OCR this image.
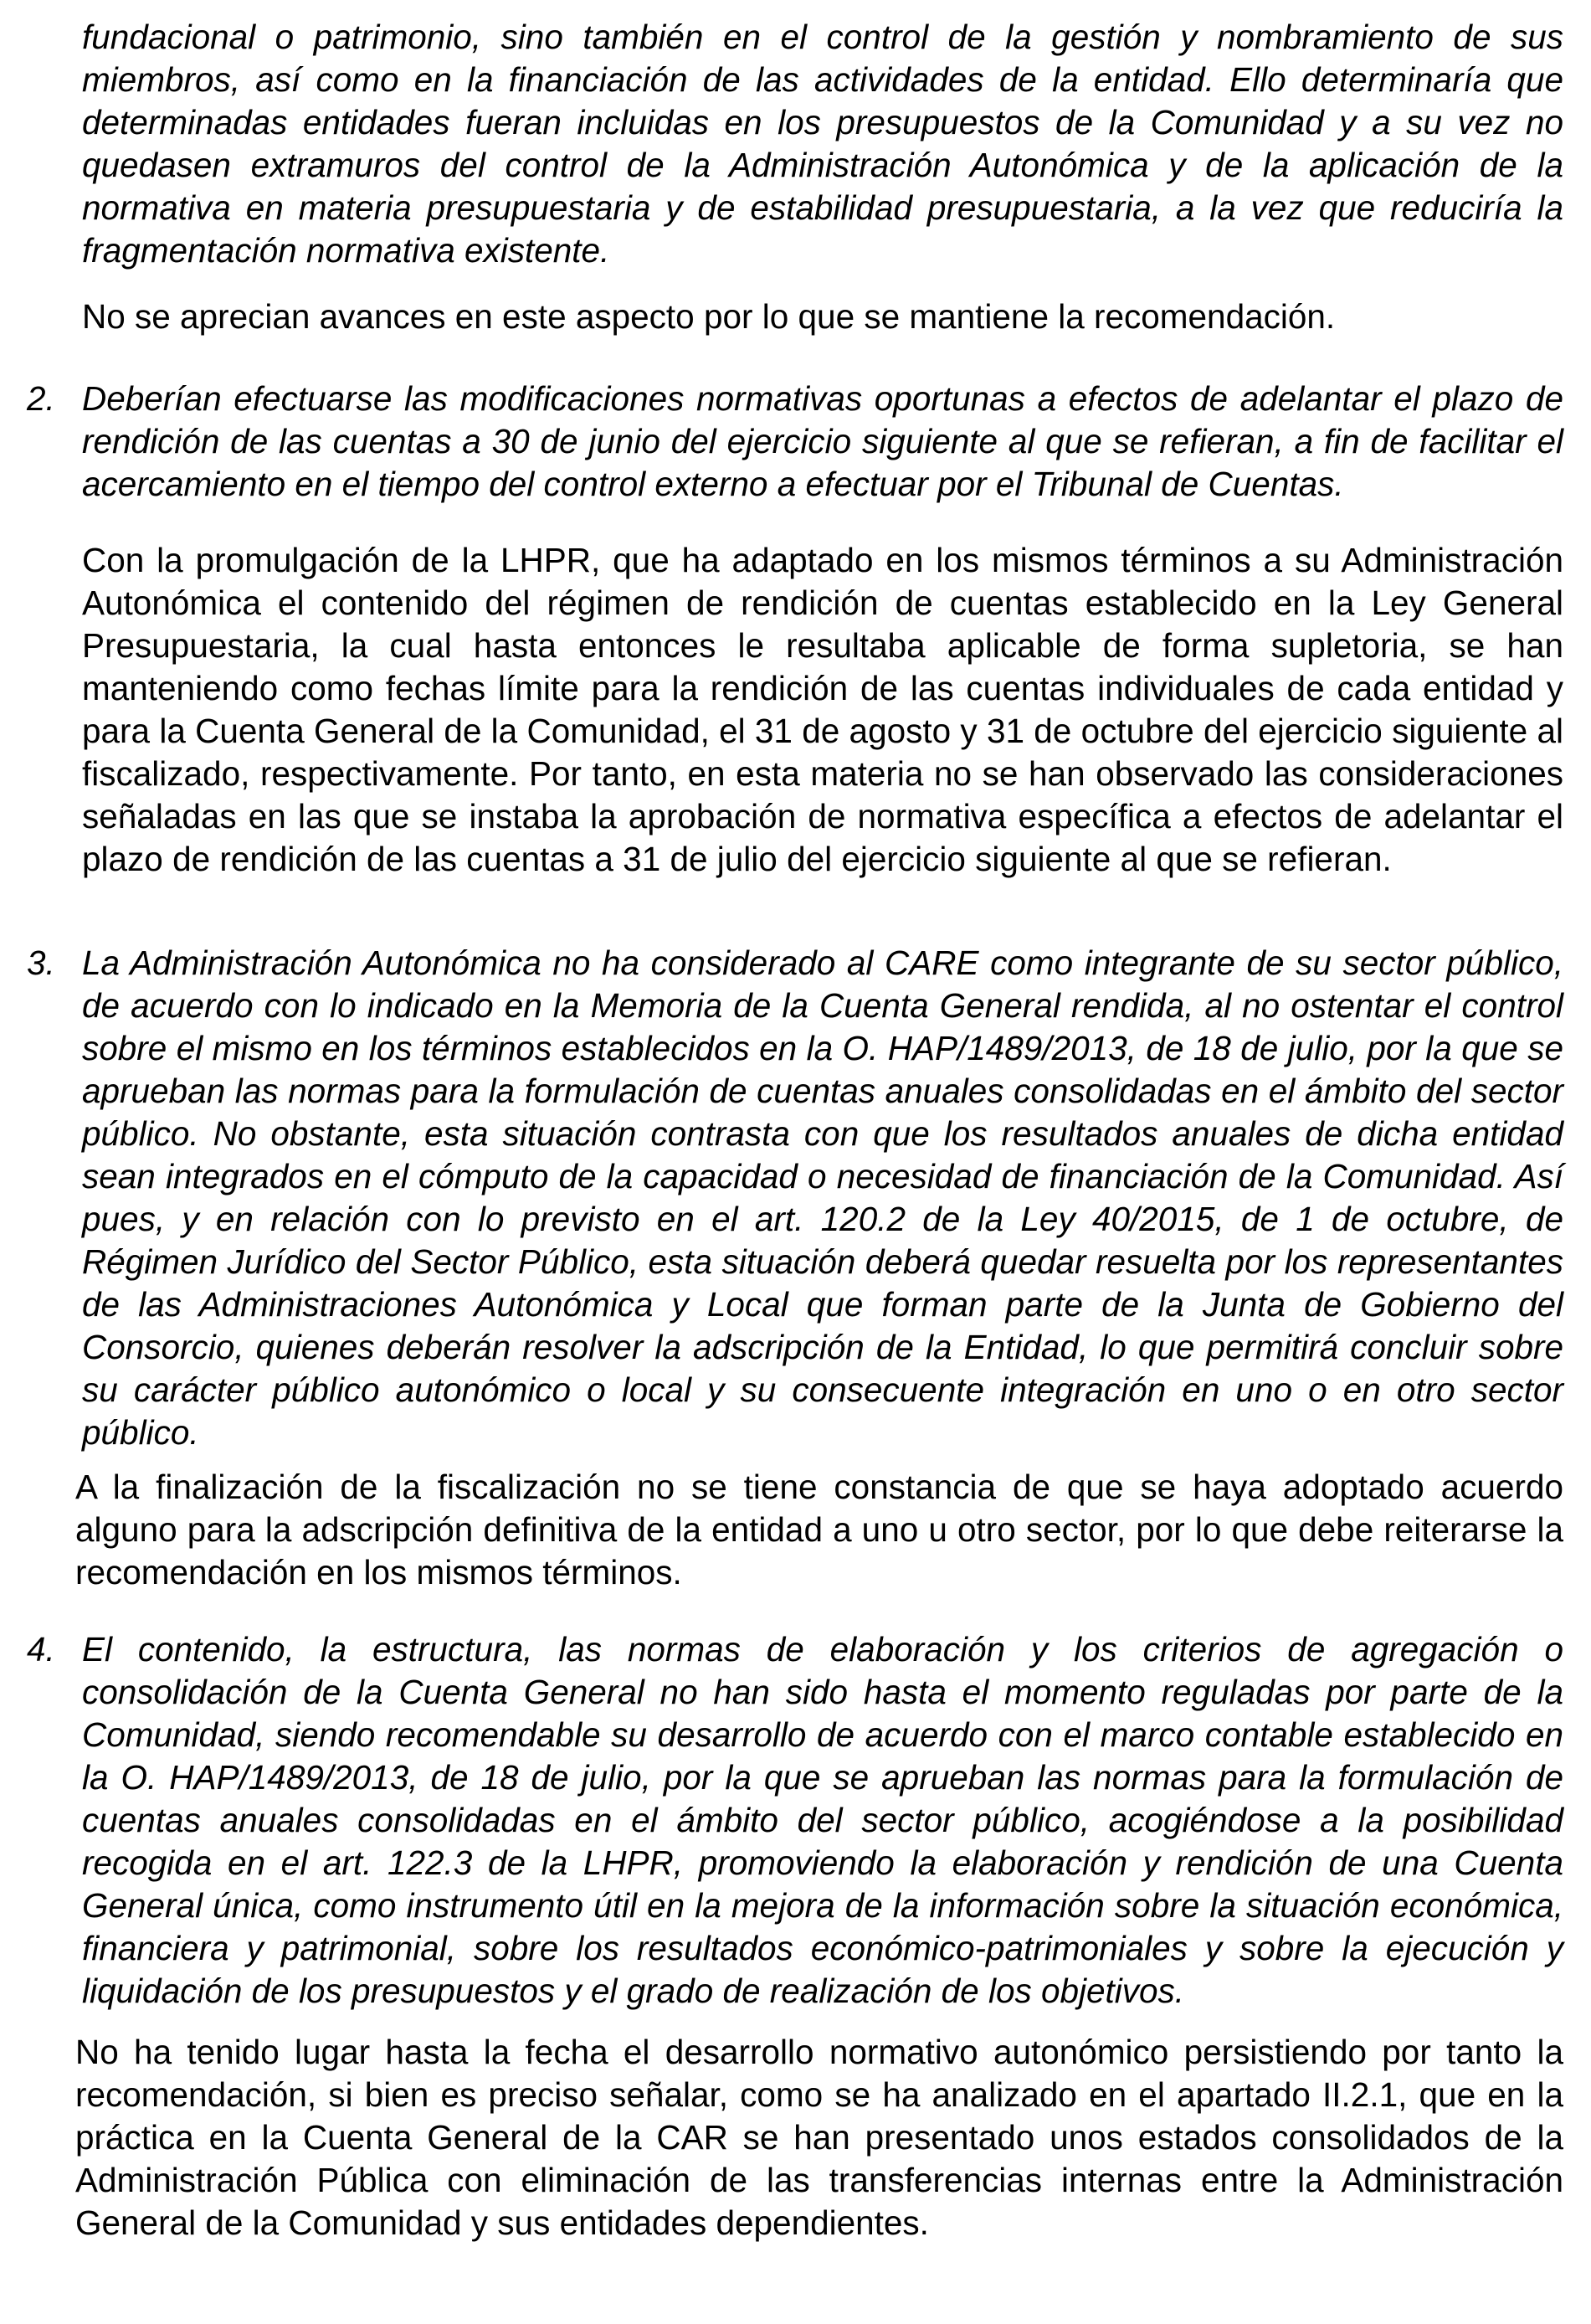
fundacional o patrimonio, sino también en el control de la gestión y nombramiento de sus miembros, así como en la financiación de las actividades de la entidad. Ello determinaría que determinadas entidades fueran incluidas en los presupuestos de la Comunidad y a su vez no quedasen extramuros del control de la Administración Autonómica y de la aplicación de la normativa en materia presupuestaria y de estabilidad presupuestaria, a la vez que reduciría la fragmentación normativa existente.

No se aprecian avances en este aspecto por lo que se mantiene la recomendación.

2. Deberían efectuarse las modificaciones normativas oportunas a efectos de adelantar el plazo de rendición de las cuentas a 30 de junio del ejercicio siguiente al que se refieran, a fin de facilitar el acercamiento en el tiempo del control externo a efectuar por el Tribunal de Cuentas.

Con la promulgación de la LHPR, que ha adaptado en los mismos términos a su Administración Autonómica el contenido del régimen de rendición de cuentas establecido en la Ley General Presupuestaria, la cual hasta entonces le resultaba aplicable de forma supletoria, se han manteniendo como fechas límite para la rendición de las cuentas individuales de cada entidad y para la Cuenta General de la Comunidad, el 31 de agosto y 31 de octubre del ejercicio siguiente al fiscalizado, respectivamente. Por tanto, en esta materia no se han observado las consideraciones señaladas en las que se instaba la aprobación de normativa específica a efectos de adelantar el plazo de rendición de las cuentas a 31 de julio del ejercicio siguiente al que se refieran.

3. La Administración Autonómica no ha considerado al CARE como integrante de su sector público, de acuerdo con lo indicado en la Memoria de la Cuenta General rendida, al no ostentar el control sobre el mismo en los términos establecidos en la O. HAP/1489/2013, de 18 de julio, por la que se aprueban las normas para la formulación de cuentas anuales consolidadas en el ámbito del sector público. No obstante, esta situación contrasta con que los resultados anuales de dicha entidad sean integrados en el cómputo de la capacidad o necesidad de financiación de la Comunidad. Así pues, y en relación con lo previsto en el art. 120.2 de la Ley 40/2015, de 1 de octubre, de Régimen Jurídico del Sector Público, esta situación deberá quedar resuelta por los representantes de las Administraciones Autonómica y Local que forman parte de la Junta de Gobierno del Consorcio, quienes deberán resolver la adscripción de la Entidad, lo que permitirá concluir sobre su carácter público autonómico o local y su consecuente integración en uno o en otro sector público.

A la finalización de la fiscalización no se tiene constancia de que se haya adoptado acuerdo alguno para la adscripción definitiva de la entidad a uno u otro sector, por lo que debe reiterarse la recomendación en los mismos términos.

4. El contenido, la estructura, las normas de elaboración y los criterios de agregación o consolidación de la Cuenta General no han sido hasta el momento reguladas por parte de la Comunidad, siendo recomendable su desarrollo de acuerdo con el marco contable establecido en la O. HAP/1489/2013, de 18 de julio, por la que se aprueban las normas para la formulación de cuentas anuales consolidadas en el ámbito del sector público, acogiéndose a la posibilidad recogida en el art. 122.3 de la LHPR, promoviendo la elaboración y rendición de una Cuenta General única, como instrumento útil en la mejora de la información sobre la situación económica, financiera y patrimonial, sobre los resultados económico-patrimoniales y sobre la ejecución y liquidación de los presupuestos y el grado de realización de los objetivos.

No ha tenido lugar hasta la fecha el desarrollo normativo autonómico persistiendo por tanto la recomendación, si bien es preciso señalar, como se ha analizado en el apartado II.2.1, que en la práctica en la Cuenta General de la CAR se han presentado unos estados consolidados de la Administración Pública con eliminación de las transferencias internas entre la Administración General de la Comunidad y sus entidades dependientes.
